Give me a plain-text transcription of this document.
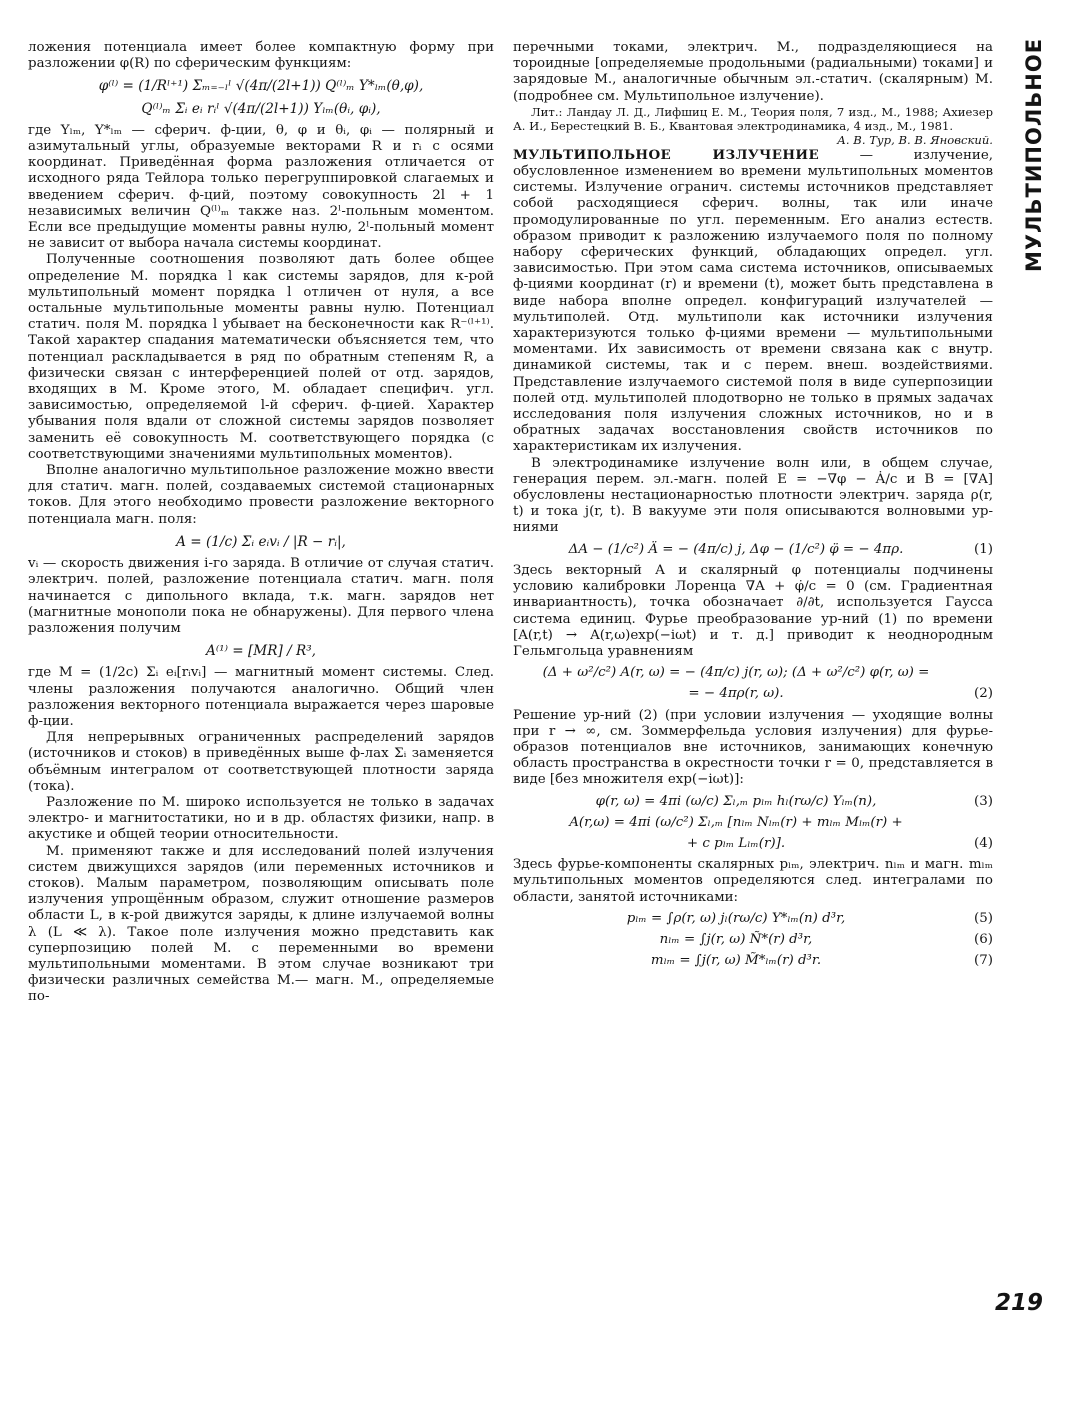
ложения потенциала имеет более компактную форму при разложении φ(R) по сферическим функциям:

φ⁽ˡ⁾ = (1/Rˡ⁺¹) Σₘ₌₋ₗˡ √(4π/(2l+1)) Q⁽ˡ⁾ₘ Y*ₗₘ(θ,φ),
Q⁽ˡ⁾ₘ Σᵢ eᵢ rᵢˡ √(4π/(2l+1)) Yₗₘ(θᵢ, φᵢ),

где Yₗₘ, Y*ₗₘ — сферич. ф-ции, θ, φ и θᵢ, φᵢ — полярный и азимутальный углы, образуемые векторами R и rᵢ с осями координат. Приведённая форма разложения отличается от исходного ряда Тейлора только перегруппировкой слагаемых и введением сферич. ф-ций, поэтому совокупность 2l + 1 независимых величин Q⁽ˡ⁾ₘ также наз. 2ˡ-польным моментом. Если все предыдущие моменты равны нулю, 2ˡ-польный момент не зависит от выбора начала системы координат.

Полученные соотношения позволяют дать более общее определение М. порядка l как системы зарядов, для к-рой мультипольный момент порядка l отличен от нуля, а все остальные мультипольные моменты равны нулю. Потенциал статич. поля М. порядка l убывает на бесконечности как R⁻⁽ˡ⁺¹⁾. Такой характер спадания математически объясняется тем, что потенциал раскладывается в ряд по обратным степеням R, а физически связан с интерференцией полей от отд. зарядов, входящих в М. Кроме этого, М. обладает специфич. угл. зависимостью, определяемой l-й сферич. ф-цией. Характер убывания поля вдали от сложной системы зарядов позволяет заменить её совокупность М. соответствующего порядка (с соответствующими значениями мультипольных моментов).

Вполне аналогично мультипольное разложение можно ввести для статич. магн. полей, создаваемых системой стационарных токов. Для этого необходимо провести разложение векторного потенциала магн. поля:

A = (1/c) Σᵢ eᵢvᵢ / |R − rᵢ|,

vᵢ — скорость движения i-го заряда. В отличие от случая статич. электрич. полей, разложение потенциала статич. магн. поля начинается с дипольного вклада, т.к. магн. зарядов нет (магнитные монополи пока не обнаружены). Для первого члена разложения получим

A⁽¹⁾ = [MR] / R³,

где M = (1/2c) Σᵢ eᵢ[rᵢvᵢ] — магнитный момент системы. След. члены разложения получаются аналогично. Общий член разложения векторного потенциала выражается через шаровые ф-ции.

Для непрерывных ограниченных распределений зарядов (источников и стоков) в приведённых выше ф-лах Σᵢ заменяется объёмным интегралом от соответствующей плотности заряда (тока).

Разложение по М. широко используется не только в задачах электро- и магнитостатики, но и в др. областях физики, напр. в акустике и общей теории относительности.

М. применяют также и для исследований полей излучения систем движущихся зарядов (или переменных источников и стоков). Малым параметром, позволяющим описывать поле излучения упрощённым образом, служит отношение размеров области L, в к-рой движутся заряды, к длине излучаемой волны λ (L ≪ λ). Такое поле излучения можно представить как суперпозицию полей М. с переменными во времени мультипольными моментами. В этом случае возникают три физически различных семейства М.— магн. М., определяемые по-

перечными токами, электрич. М., подразделяющиеся на тороидные [определяемые продольными (радиальными) токами] и зарядовые М., аналогичные обычным эл.-статич. (скалярным) М. (подробнее см. Мультипольное излучение).

Лит.: Ландау Л. Д., Лифшиц Е. М., Теория поля, 7 изд., М., 1988; Ахиезер А. И., Берестецкий В. Б., Квантовая электродинамика, 4 изд., М., 1981.

А. В. Тур, В. В. Яновский.

МУЛЬТИПОЛЬНОЕ ИЗЛУЧЕНИЕ — излучение, обусловленное изменением во времени мультипольных моментов системы. Излучение огранич. системы источников представляет собой расходящиеся сферич. волны, так или иначе промодулированные по угл. переменным. Его анализ естеств. образом приводит к разложению излучаемого поля по полному набору сферических функций, обладающих определ. угл. зависимостью. При этом сама система источников, описываемых ф-циями координат (r) и времени (t), может быть представлена в виде набора вполне определ. конфигураций излучателей — мультиполей. Отд. мультиполи как источники излучения характеризуются только ф-циями времени — мультипольными моментами. Их зависимость от времени связана как с внутр. динамикой системы, так и с перем. внеш. воздействиями. Представление излучаемого системой поля в виде суперпозиции полей отд. мультиполей плодотворно не только в прямых задачах исследования поля излучения сложных источников, но и в обратных задачах восстановления свойств источников по характеристикам их излучения.

В электродинамике излучение волн или, в общем случае, генерация перем. эл.-магн. полей E = −∇φ − Ȧ/c и B = [∇A] обусловлены нестационарностью плотности электрич. заряда ρ(r, t) и тока j(r, t). В вакууме эти поля описываются волновыми ур-ниями

ΔA − (1/c²) Ä = − (4π/c) j, Δφ − (1/c²) φ̈ = − 4πρ.	(1)

Здесь векторный A и скалярный φ потенциалы подчинены условию калибровки Лоренца ∇A + φ̇/c = 0 (см. Градиентная инвариантность), точка обозначает ∂/∂t, используется Гаусса система единиц. Фурье преобразование ур-ний (1) по времени [A(r,t) → A(r,ω)exp(−iωt) и т. д.] приводит к неоднородным Гельмгольца уравнениям

(Δ + ω²/c²) A(r, ω) = − (4π/c) j(r, ω); (Δ + ω²/c²) φ(r, ω) =
= − 4πρ(r, ω).	(2)

Решение ур-ний (2) (при условии излучения — уходящие волны при r → ∞, см. Зоммерфельда условия излучения) для фурье-образов потенциалов вне источников, занимающих конечную область пространства в окрестности точки r = 0, представляется в виде [без множителя exp(−iωt)]:

φ(r, ω) = 4πi (ω/c) Σₗ,ₘ pₗₘ hₗ(rω/c) Yₗₘ(n),	(3)
A(r,ω) = 4πi (ω/c²) Σₗ,ₘ [nₗₘ Nₗₘ(r) + mₗₘ Mₗₘ(r) +
+ c pₗₘ Lₗₘ(r)].	(4)

Здесь фурье-компоненты скалярных pₗₘ, электрич. nₗₘ и магн. mₗₘ мультипольных моментов определяются след. интегралами по области, занятой источниками:

pₗₘ = ∫ρ(r, ω) jₗ(rω/c) Y*ₗₘ(n) d³r,	(5)
nₗₘ = ∫j(r, ω) Ñ*(r) d³r,	(6)
mₗₘ = ∫j(r, ω) M̃*ₗₘ(r) d³r.	(7)
МУЛЬТИПОЛЬНОЕ
219
